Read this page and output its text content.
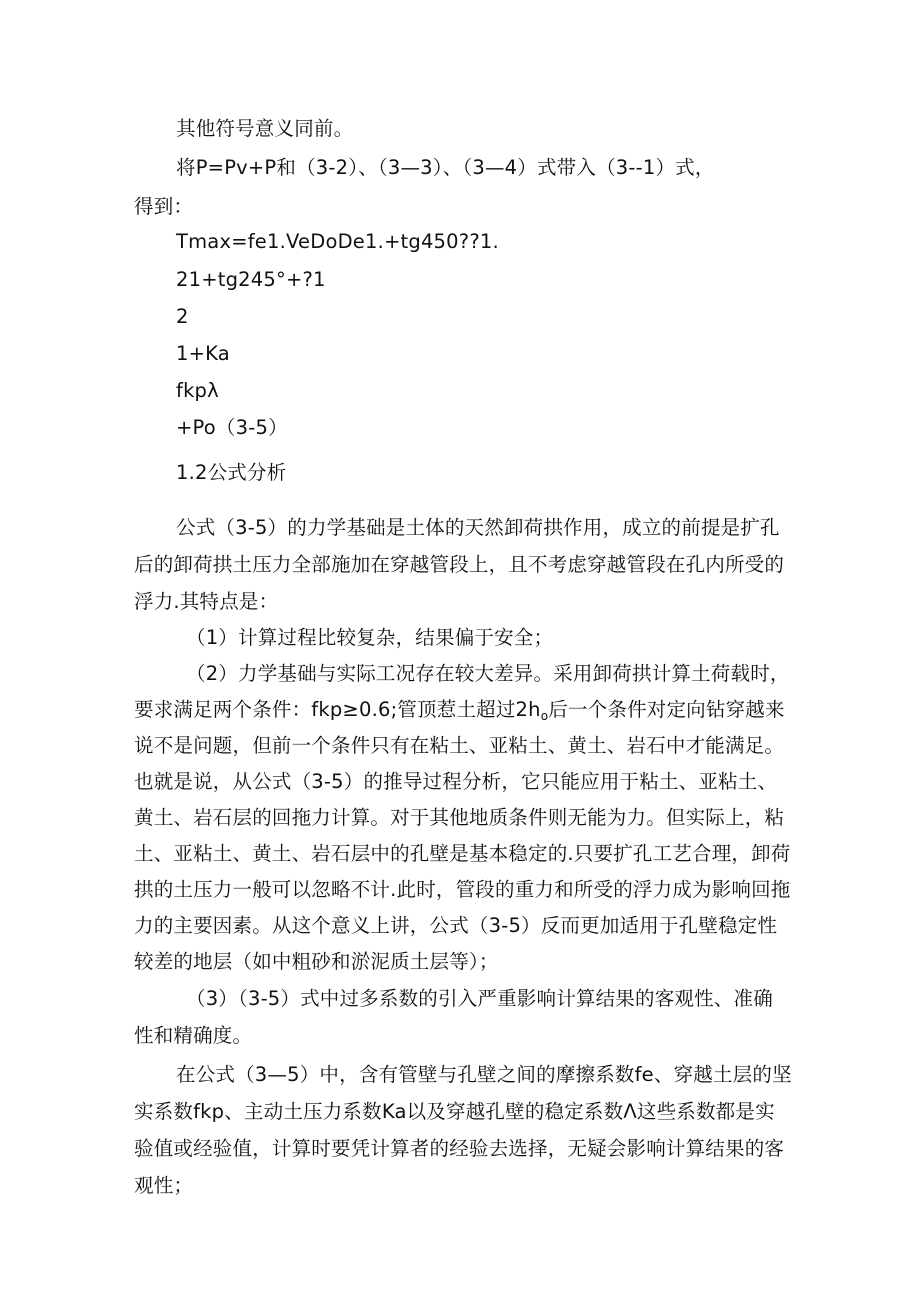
其他符号意义同前。
将P=Pv+P和（3-2）、（3—3）、（3—4）式带入（3--1）式，
得到：
Tmax=fe1.VeDoDe1.+tg450??1.
21+tg245°+?1
2
1+Ka
fkpλ
+Po（3-5）
1.2公式分析
公式（3-5）的力学基础是土体的天然卸荷拱作用，成立的前提是扩孔
后的卸荷拱土压力全部施加在穿越管段上，且不考虑穿越管段在孔内所受的
浮力.其特点是：
（1）计算过程比较复杂，结果偏于安全；
（2）力学基础与实际工况存在较大差异。采用卸荷拱计算土荷载时，
要求满足两个条件：fkp≥0.6;管顶惹土超过$2h_o$后一个条件对定向钻穿越来
说不是问题，但前一个条件只有在粘土、亚粘土、黄土、岩石中才能满足。
也就是说，从公式（3-5）的推导过程分析，它只能应用于粘土、亚粘土、
黄土、岩石层的回拖力计算。对于其他地质条件则无能为力。但实际上，粘
土、亚粘土、黄土、岩石层中的孔壁是基本稳定的.只要扩孔工艺合理，卸荷
拱的土压力一般可以忽略不计.此时，管段的重力和所受的浮力成为影响回拖
力的主要因素。从这个意义上讲，公式（3-5）反而更加适用于孔壁稳定性
较差的地层（如中粗砂和淤泥质土层等）；
（3）（3-5）式中过多系数的引入严重影响计算结果的客观性、准确
性和精确度。
在公式（3—5）中，含有管壁与孔壁之间的摩擦系数fe、穿越土层的坚
实系数fkp、主动土压力系数Ka以及穿越孔壁的稳定系数Λ这些系数都是实
验值或经验值，计算时要凭计算者的经验去选择，无疑会影响计算结果的客
观性；
